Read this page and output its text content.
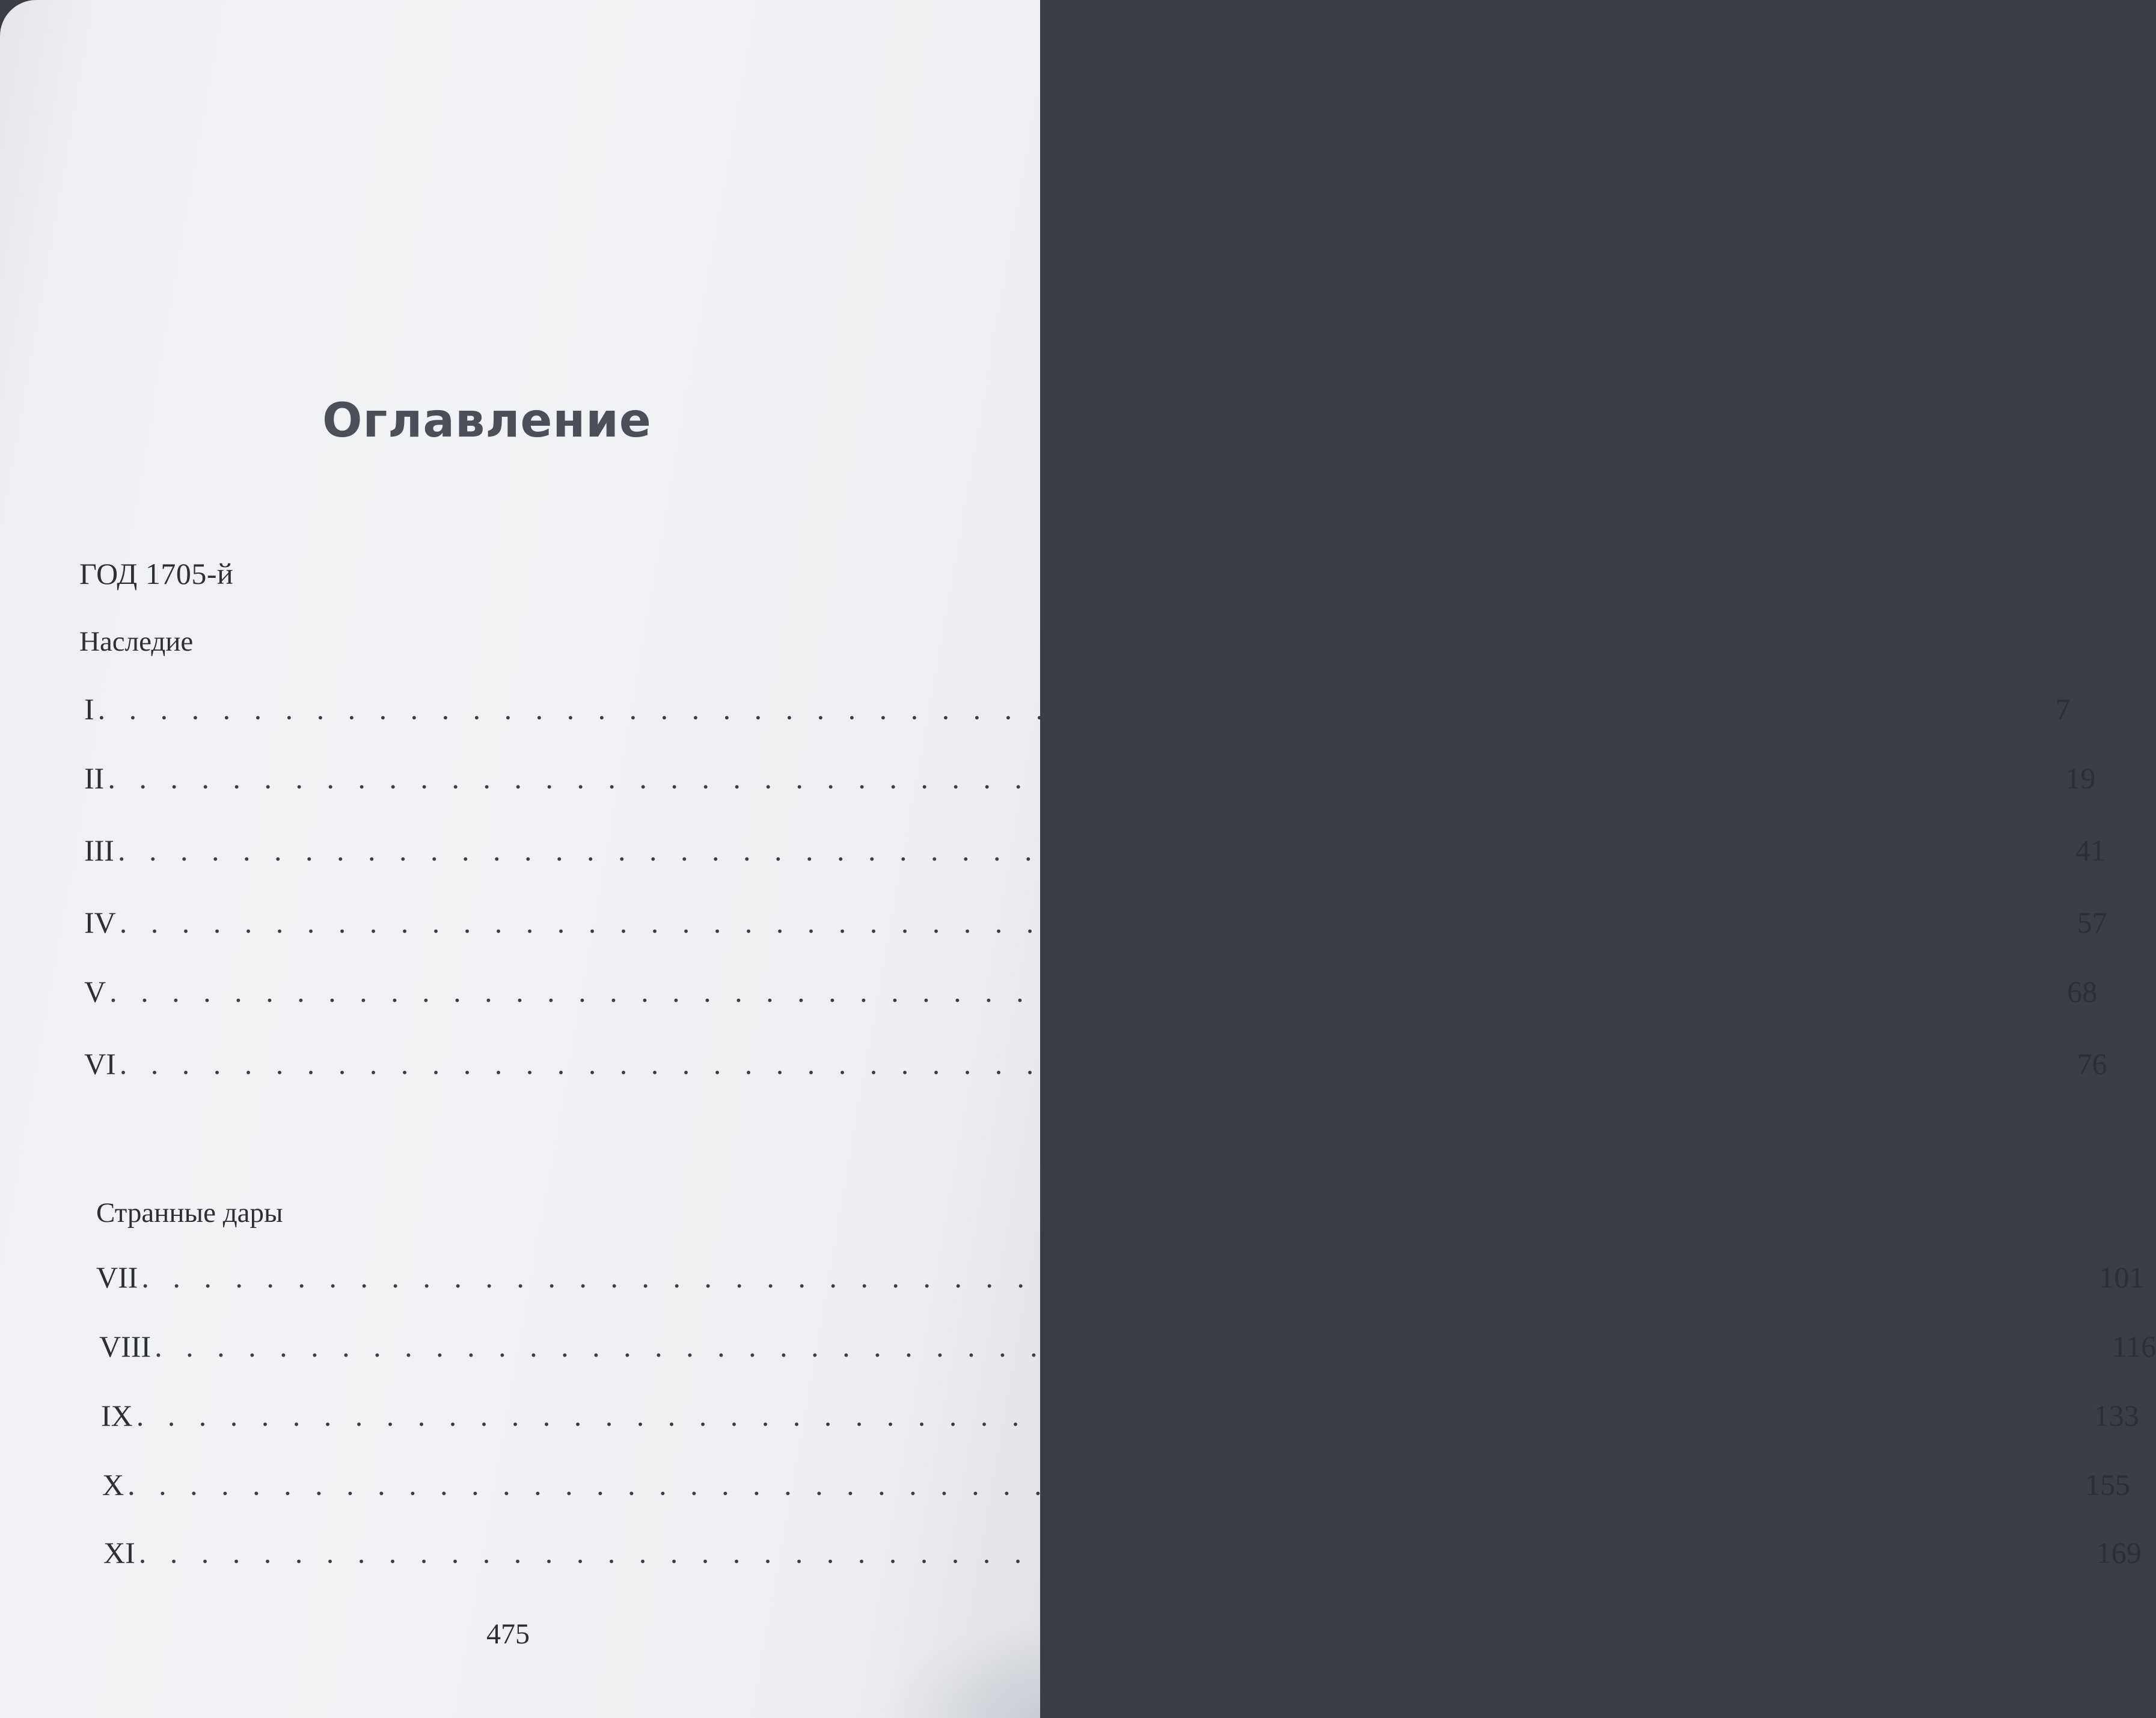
Оглавление
ГОД 1705-й
Наследие
I . . . . . . . . . . . . . . . . . . . . . . . . . . . . . . . . . . . . . . . . . . . . . . . . . . . . . . . . . . . . . . . 7
II . . . . . . . . . . . . . . . . . . . . . . . . . . . . . . . . . . . . . . . . . . . . . . . . . . . . . . . . . . . . . . . 19
III . . . . . . . . . . . . . . . . . . . . . . . . . . . . . . . . . . . . . . . . . . . . . . . . . . . . . . . . . . . . . . . 41
IV . . . . . . . . . . . . . . . . . . . . . . . . . . . . . . . . . . . . . . . . . . . . . . . . . . . . . . . . . . . . . . . 57
V . . . . . . . . . . . . . . . . . . . . . . . . . . . . . . . . . . . . . . . . . . . . . . . . . . . . . . . . . . . . . . . 68
VI . . . . . . . . . . . . . . . . . . . . . . . . . . . . . . . . . . . . . . . . . . . . . . . . . . . . . . . . . . . . . . . 76
Странные дары
VII . . . . . . . . . . . . . . . . . . . . . . . . . . . . . . . . . . . . . . . . . . . . . . . . . . . . . . . . . . . . . . . 101
VIII . . . . . . . . . . . . . . . . . . . . . . . . . . . . . . . . . . . . . . . . . . . . . . . . . . . . . . . . . . . . . . . 116
IX . . . . . . . . . . . . . . . . . . . . . . . . . . . . . . . . . . . . . . . . . . . . . . . . . . . . . . . . . . . . . . . 133
X . . . . . . . . . . . . . . . . . . . . . . . . . . . . . . . . . . . . . . . . . . . . . . . . . . . . . . . . . . . . . . . 155
XI . . . . . . . . . . . . . . . . . . . . . . . . . . . . . . . . . . . . . . . . . . . . . . . . . . . . . . . . . . . . . . . 169
475
